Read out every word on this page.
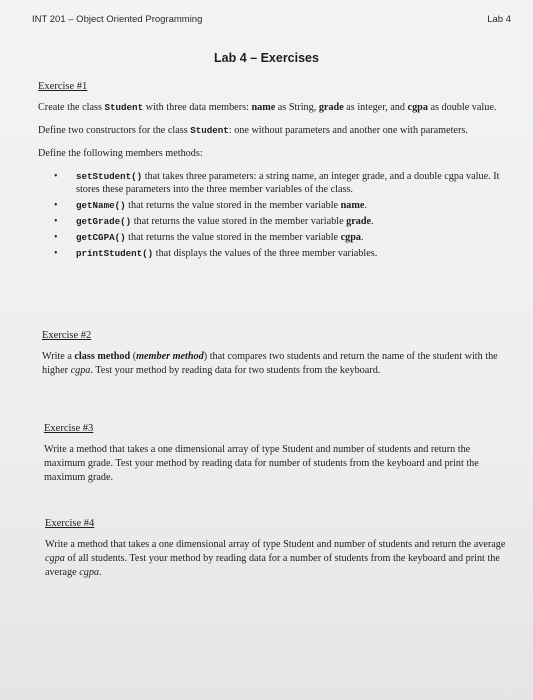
INT 201 – Object Oriented Programming	Lab 4
Lab 4 – Exercises
Exercise #1

Create the class Student with three data members: name as String, grade as integer, and cgpa as double value.

Define two constructors for the class Student: one without parameters and another one with parameters.

Define the following members methods:

• setStudent() that takes three parameters: a string name, an integer grade, and a double cgpa value. It stores these parameters into the three member variables of the class.
• getName() that returns the value stored in the member variable name.
• getGrade() that returns the value stored in the member variable grade.
• getCGPA() that returns the value stored in the member variable cgpa.
• printStudent() that displays the values of the three member variables.
Exercise #2

Write a class method (member method) that compares two students and return the name of the student with the higher cgpa. Test your method by reading data for two students from the keyboard.

Exercise #3

Write a method that takes a one dimensional array of type Student and number of students and return the maximum grade. Test your method by reading data for number of students from the keyboard and print the maximum grade.

Exercise #4

Write a method that takes a one dimensional array of type Student and number of students and return the average cgpa of all students. Test your method by reading data for a number of students from the keyboard and print the average cgpa.
